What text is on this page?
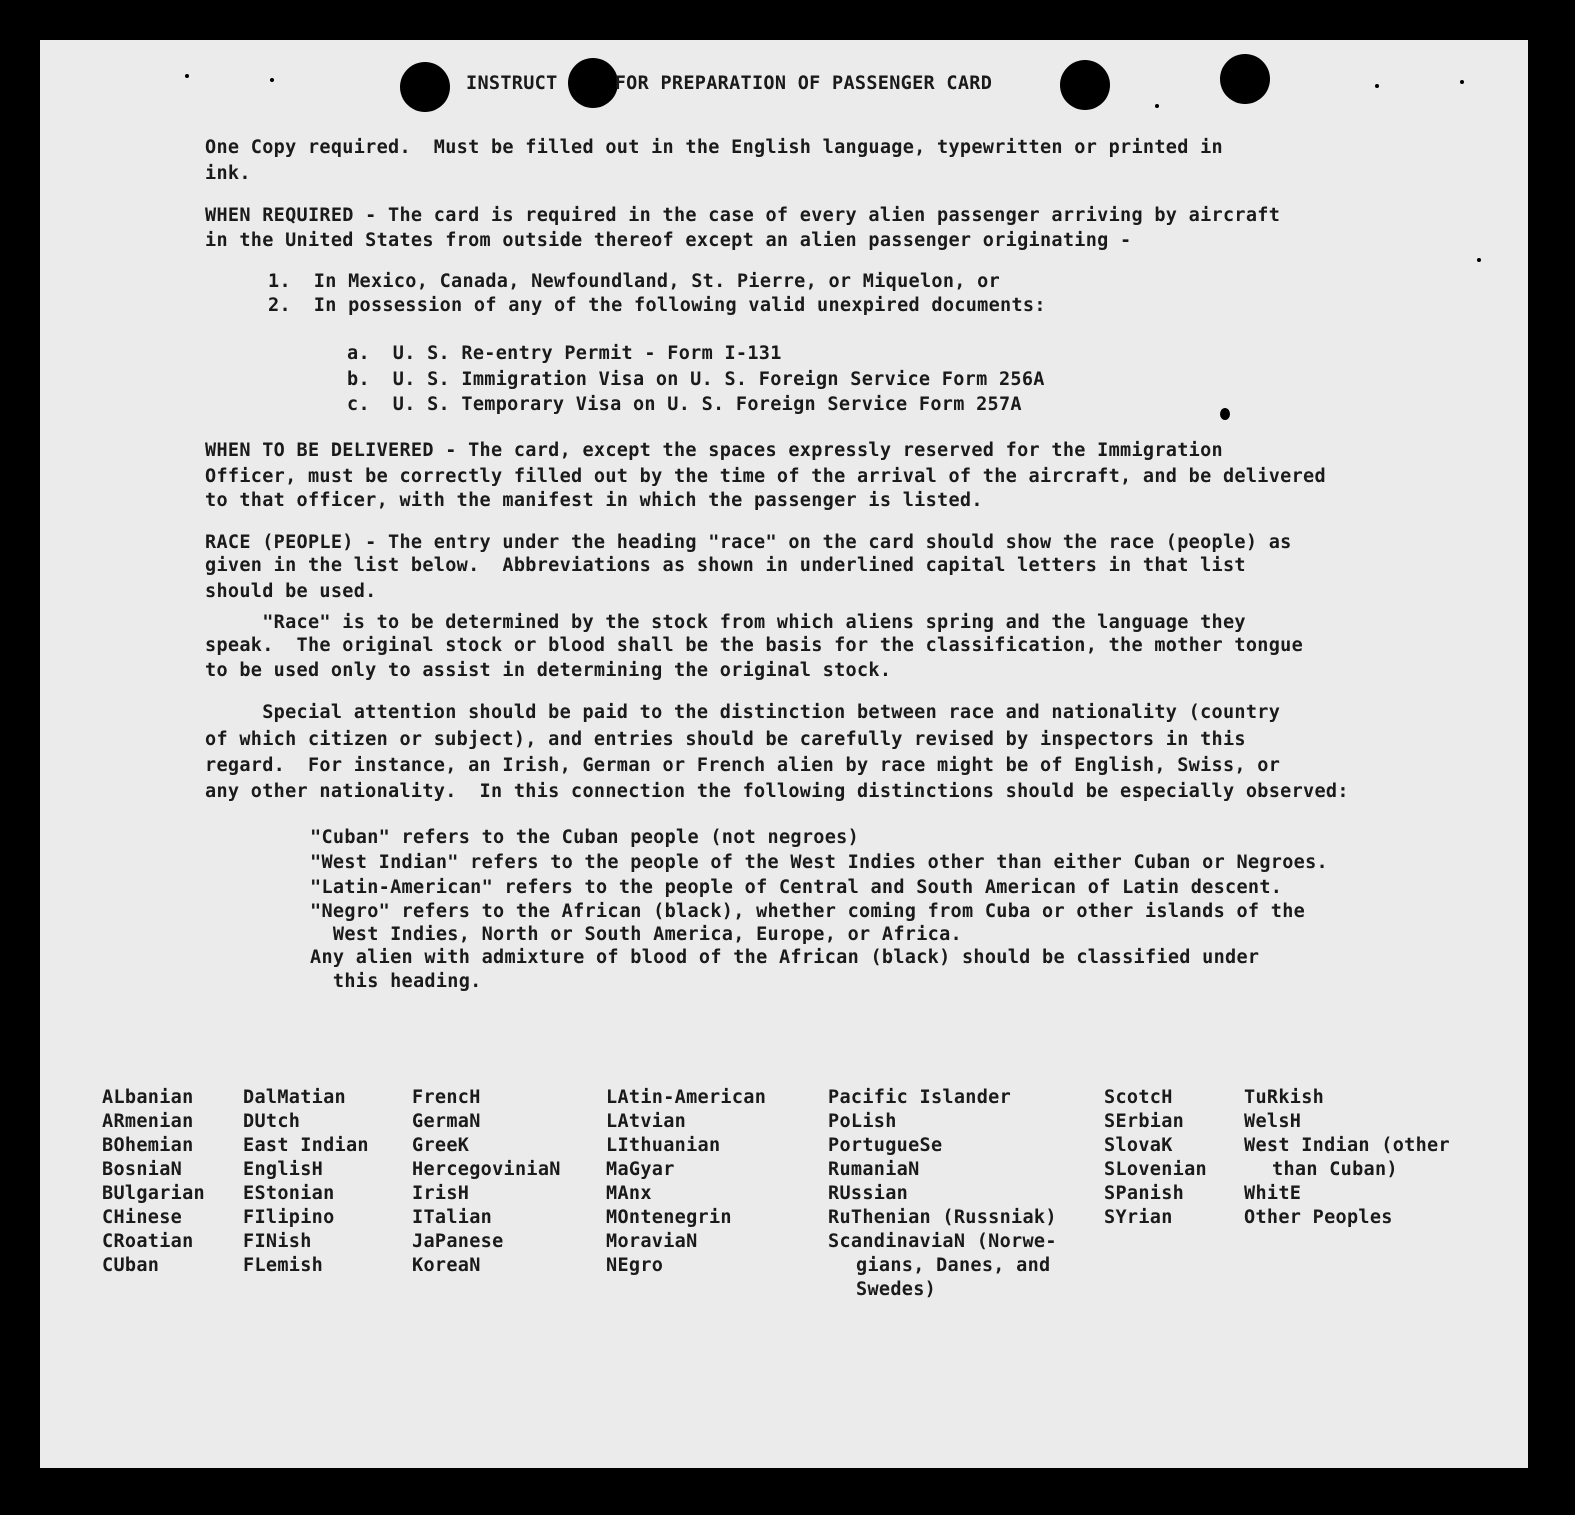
INSTRUCT     FOR PREPARATION OF PASSENGER CARD

One Copy required.  Must be filled out in the English language, typewritten or printed in

ink.

WHEN REQUIRED - The card is required in the case of every alien passenger arriving by aircraft

in the United States from outside thereof except an alien passenger originating -

1.  In Mexico, Canada, Newfoundland, St. Pierre, or Miquelon, or

2.  In possession of any of the following valid unexpired documents:

a.  U. S. Re-entry Permit - Form I-131

b.  U. S. Immigration Visa on U. S. Foreign Service Form 256A

c.  U. S. Temporary Visa on U. S. Foreign Service Form 257A

WHEN TO BE DELIVERED - The card, except the spaces expressly reserved for the Immigration

Officer, must be correctly filled out by the time of the arrival of the aircraft, and be delivered

to that officer, with the manifest in which the passenger is listed.

RACE (PEOPLE) - The entry under the heading "race" on the card should show the race (people) as

given in the list below.  Abbreviations as shown in underlined capital letters in that list

should be used.

"Race" is to be determined by the stock from which aliens spring and the language they

speak.  The original stock or blood shall be the basis for the classification, the mother tongue

to be used only to assist in determining the original stock.

Special attention should be paid to the distinction between race and nationality (country

of which citizen or subject), and entries should be carefully revised by inspectors in this

regard.  For instance, an Irish, German or French alien by race might be of English, Swiss, or

any other nationality.  In this connection the following distinctions should be especially observed:

"Cuban" refers to the Cuban people (not negroes)

"West Indian" refers to the people of the West Indies other than either Cuban or Negroes.

"Latin-American" refers to the people of Central and South American of Latin descent.

"Negro" refers to the African (black), whether coming from Cuba or other islands of the

West Indies, North or South America, Europe, or Africa.

Any alien with admixture of blood of the African (black) should be classified under

this heading.

ALbanian

ARmenian

BOhemian

BosniaN

BUlgarian

CHinese

CRoatian

CUban

DalMatian

DUtch

East Indian

EnglisH

EStonian

FIlipino

FINish

FLemish

FrencH

GermaN

GreeK

HercegoviniaN

IrisH

ITalian

JaPanese

KoreaN

LAtin-American

LAtvian

LIthuanian

MaGyar

MAnx

MOntenegrin

MoraviaN

NEgro

Pacific Islander

PoLish

PortugueSe

RumaniaN

RUssian

RuThenian (Russniak)

ScandinaviaN (Norwe-

gians, Danes, and

Swedes)

ScotcH

SErbian

SlovaK

SLovenian

SPanish

SYrian

TuRkish

WelsH

West Indian (other

than Cuban)

WhitE

Other Peoples
